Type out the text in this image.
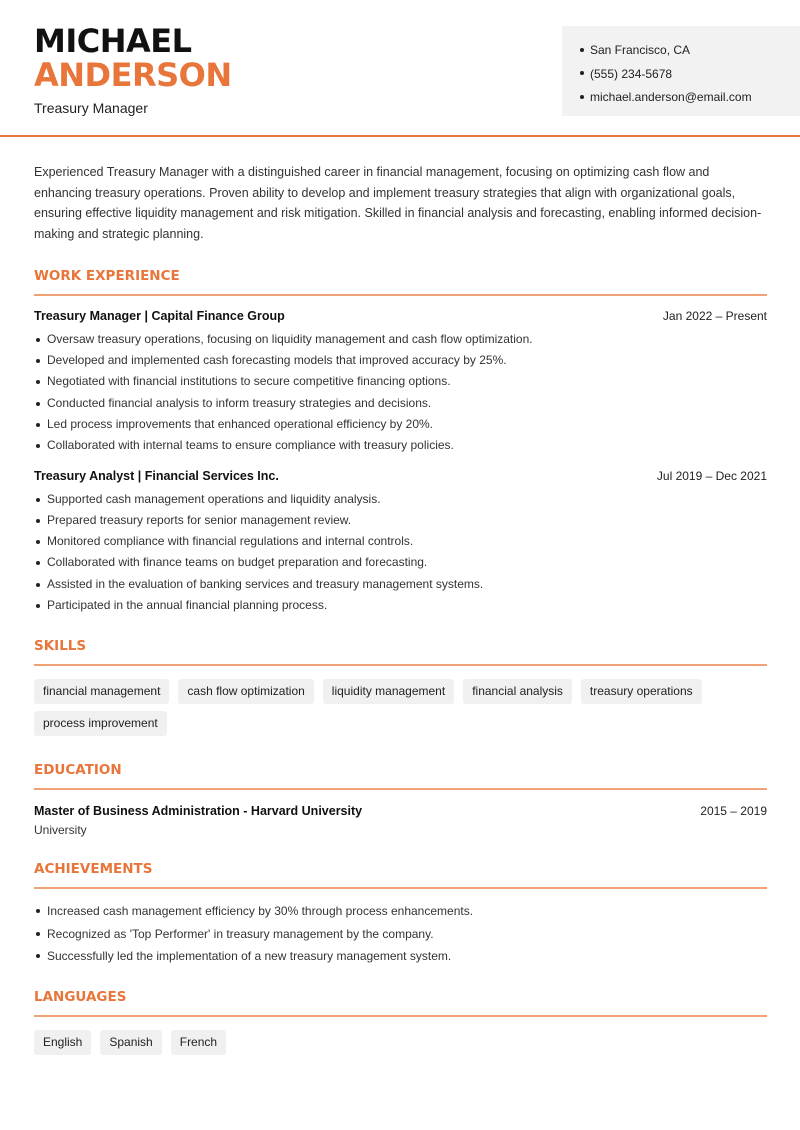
MICHAEL
ANDERSON
Treasury Manager
San Francisco, CA
(555) 234-5678
michael.anderson@email.com

Experienced Treasury Manager with a distinguished career in financial management, focusing on optimizing cash flow and enhancing treasury operations. Proven ability to develop and implement treasury strategies that align with organizational goals, ensuring effective liquidity management and risk mitigation. Skilled in financial analysis and forecasting, enabling informed decision-making and strategic planning.

WORK EXPERIENCE
Treasury Manager | Capital Finance Group	Jan 2022 – Present
Oversaw treasury operations, focusing on liquidity management and cash flow optimization.
Developed and implemented cash forecasting models that improved accuracy by 25%.
Negotiated with financial institutions to secure competitive financing options.
Conducted financial analysis to inform treasury strategies and decisions.
Led process improvements that enhanced operational efficiency by 20%.
Collaborated with internal teams to ensure compliance with treasury policies.
Treasury Analyst | Financial Services Inc.	Jul 2019 – Dec 2021
Supported cash management operations and liquidity analysis.
Prepared treasury reports for senior management review.
Monitored compliance with financial regulations and internal controls.
Collaborated with finance teams on budget preparation and forecasting.
Assisted in the evaluation of banking services and treasury management systems.
Participated in the annual financial planning process.
SKILLS
financial management	cash flow optimization	liquidity management	financial analysis	treasury operations
process improvement
EDUCATION
Master of Business Administration - Harvard University	2015 – 2019
University
ACHIEVEMENTS
Increased cash management efficiency by 30% through process enhancements.
Recognized as 'Top Performer' in treasury management by the company.
Successfully led the implementation of a new treasury management system.
LANGUAGES
English	Spanish	French
